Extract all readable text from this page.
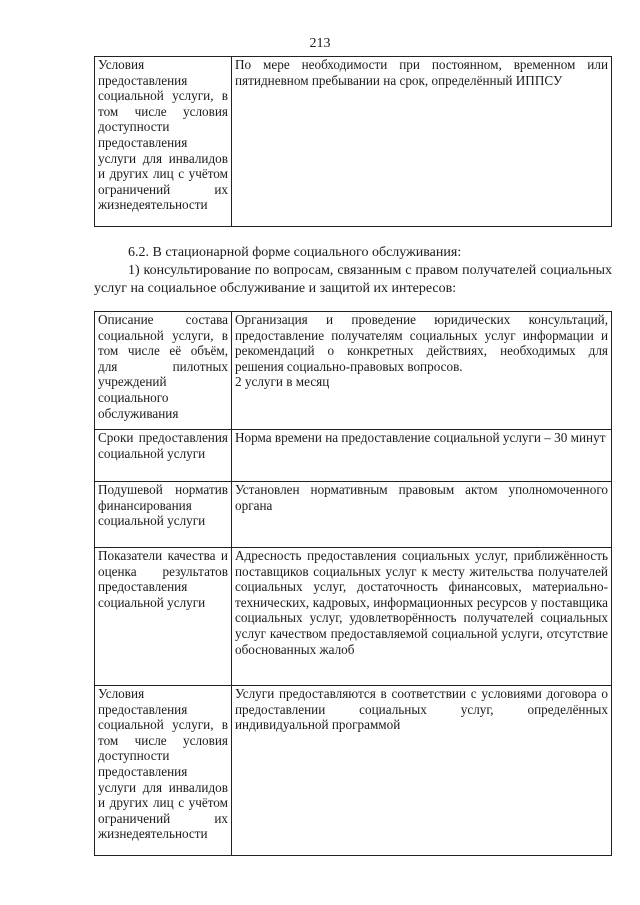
213
Условия предоставления социальной услуги, в том числе условия доступности предоставления услуги для инвалидов и других лиц с учётом ограничений их жизнедеятельности	По мере необходимости при постоянном, временном или пятидневном пребывании на срок, определённый ИППСУ
6.2. В стационарной форме социального обслуживания:
1) консультирование по вопросам, связанным с правом получателей социальных услуг на социальное обслуживание и защитой их интересов:
Описание состава социальной услуги, в том числе её объём, для пилотных учреждений социального обслуживания	Организация и проведение юридических консультаций, предоставление получателям социальных услуг информации и рекомендаций о конкретных действиях, необходимых для решения социально-правовых вопросов.
2 услуги в месяц

Сроки предоставления социальной услуги	Норма времени на предоставление социальной услуги – 30 минут
Подушевой норматив финансирования социальной услуги	Установлен нормативным правовым актом уполномоченного органа
Показатели качества и оценка результатов предоставления социальной услуги	Адресность предоставления социальных услуг, приближённость поставщиков социальных услуг к месту жительства получателей социальных услуг, достаточность финансовых, материально-технических, кадровых, информационных ресурсов у поставщика социальных услуг, удовлетворённость получателей социальных услуг качеством предоставляемой социальной услуги, отсутствие обоснованных жалоб
Условия предоставления социальной услуги, в том числе условия доступности предоставления услуги для инвалидов и других лиц с учётом ограничений их жизнедеятельности	Услуги предоставляются в соответствии с условиями договора о предоставлении социальных услуг, определённых индивидуальной программой
